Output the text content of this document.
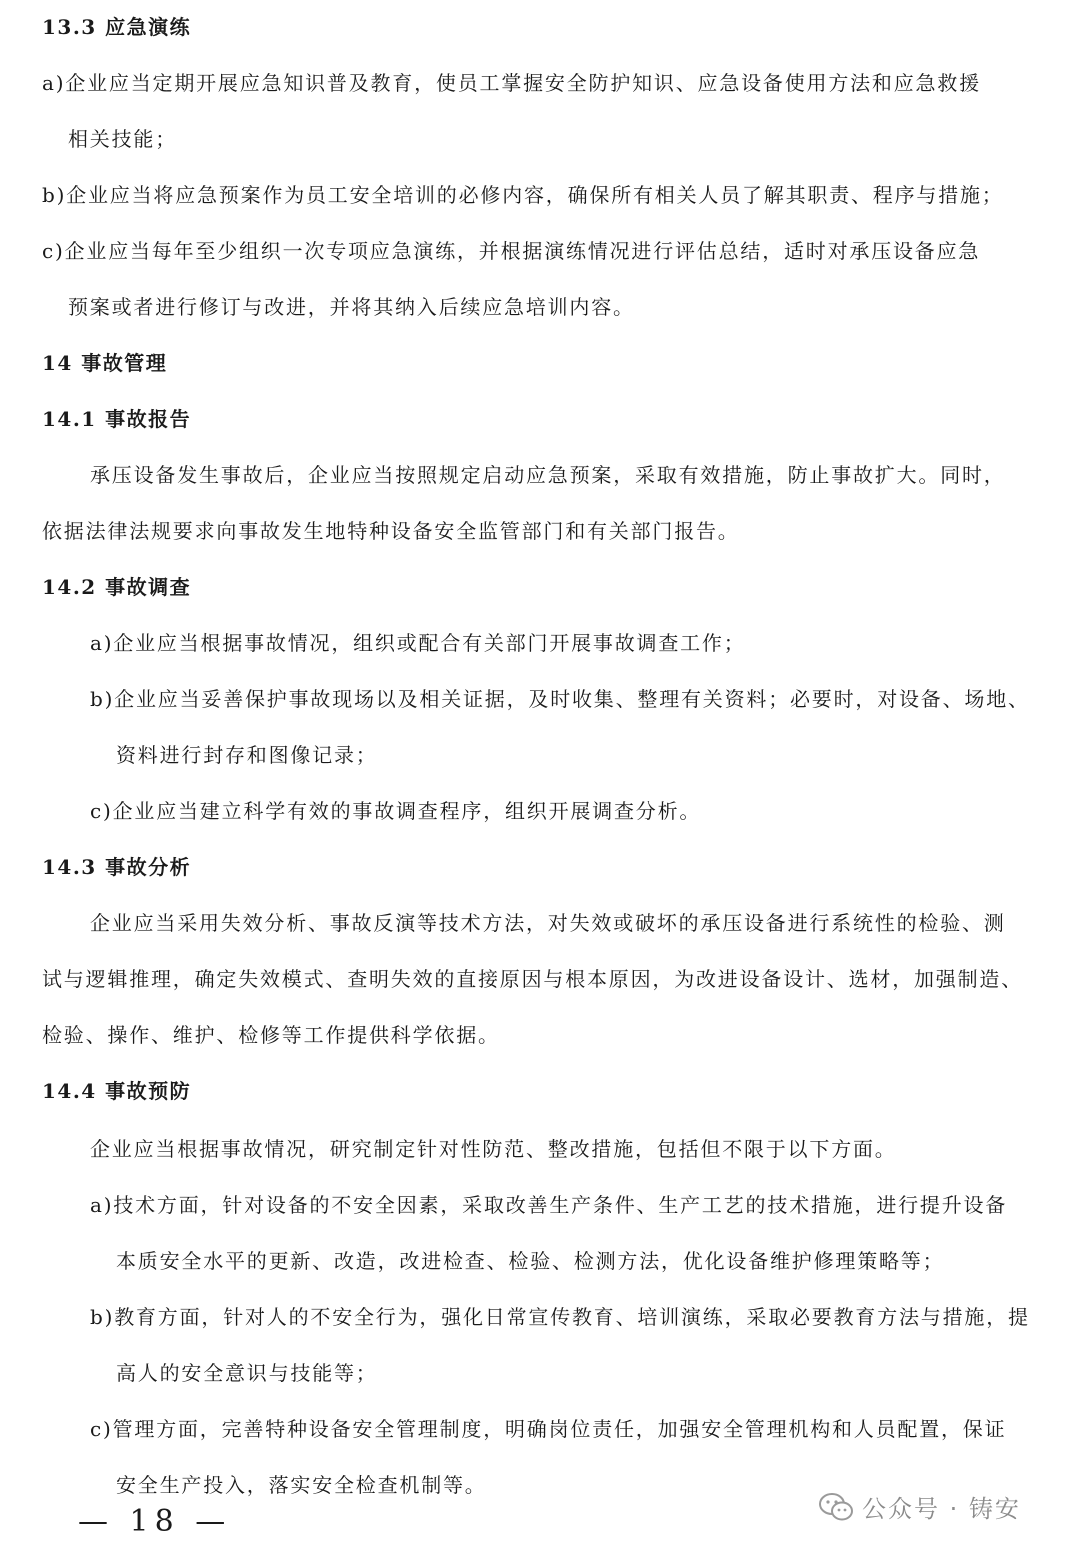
13.3 应急演练
a)企业应当定期开展应急知识普及教育，使员工掌握安全防护知识、应急设备使用方法和应急救援
相关技能；
b)企业应当将应急预案作为员工安全培训的必修内容，确保所有相关人员了解其职责、程序与措施；
c)企业应当每年至少组织一次专项应急演练，并根据演练情况进行评估总结，适时对承压设备应急
预案或者进行修订与改进，并将其纳入后续应急培训内容。
14 事故管理
14.1 事故报告
承压设备发生事故后，企业应当按照规定启动应急预案，采取有效措施，防止事故扩大。同时，
依据法律法规要求向事故发生地特种设备安全监管部门和有关部门报告。
14.2 事故调查
a)企业应当根据事故情况，组织或配合有关部门开展事故调查工作；
b)企业应当妥善保护事故现场以及相关证据，及时收集、整理有关资料；必要时，对设备、场地、
资料进行封存和图像记录；
c)企业应当建立科学有效的事故调查程序，组织开展调查分析。
14.3 事故分析
企业应当采用失效分析、事故反演等技术方法，对失效或破坏的承压设备进行系统性的检验、测
试与逻辑推理，确定失效模式、查明失效的直接原因与根本原因，为改进设备设计、选材，加强制造、
检验、操作、维护、检修等工作提供科学依据。
14.4 事故预防
企业应当根据事故情况，研究制定针对性防范、整改措施，包括但不限于以下方面。
a)技术方面，针对设备的不安全因素，采取改善生产条件、生产工艺的技术措施，进行提升设备
本质安全水平的更新、改造，改进检查、检验、检测方法，优化设备维护修理策略等；
b)教育方面，针对人的不安全行为，强化日常宣传教育、培训演练，采取必要教育方法与措施，提
高人的安全意识与技能等；
c)管理方面，完善特种设备安全管理制度，明确岗位责任，加强安全管理机构和人员配置，保证
安全生产投入，落实安全检查机制等。
— 18 —	公众号 · 铸安
